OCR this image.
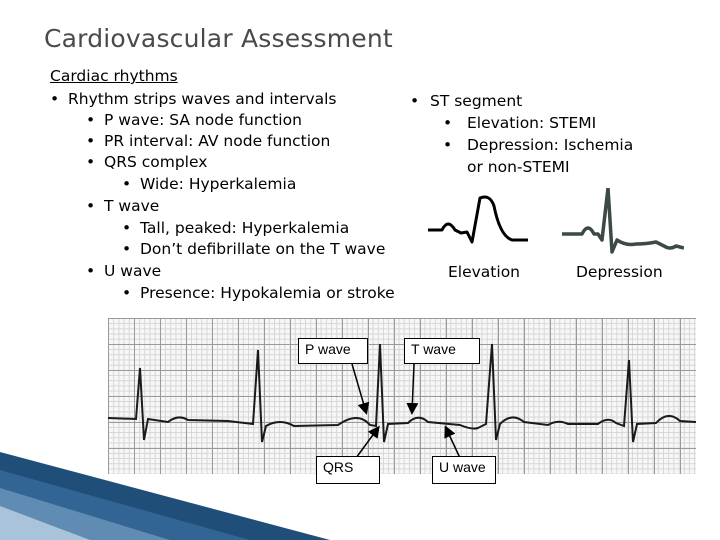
Cardiovascular Assessment
Cardiac rhythms
• Rhythm strips waves and intervals
• P wave: SA node function
• PR interval: AV node function
• QRS complex
• Wide: Hyperkalemia
• T wave
• Tall, peaked: Hyperkalemia
• Don’t defibrillate on the T wave
• U wave
• Presence: Hypokalemia or stroke
• ST segment
• Elevation: STEMI
• Depression: Ischemia
or non-STEMI
Elevation	Depression
P wave	T wave
QRS	U wave
